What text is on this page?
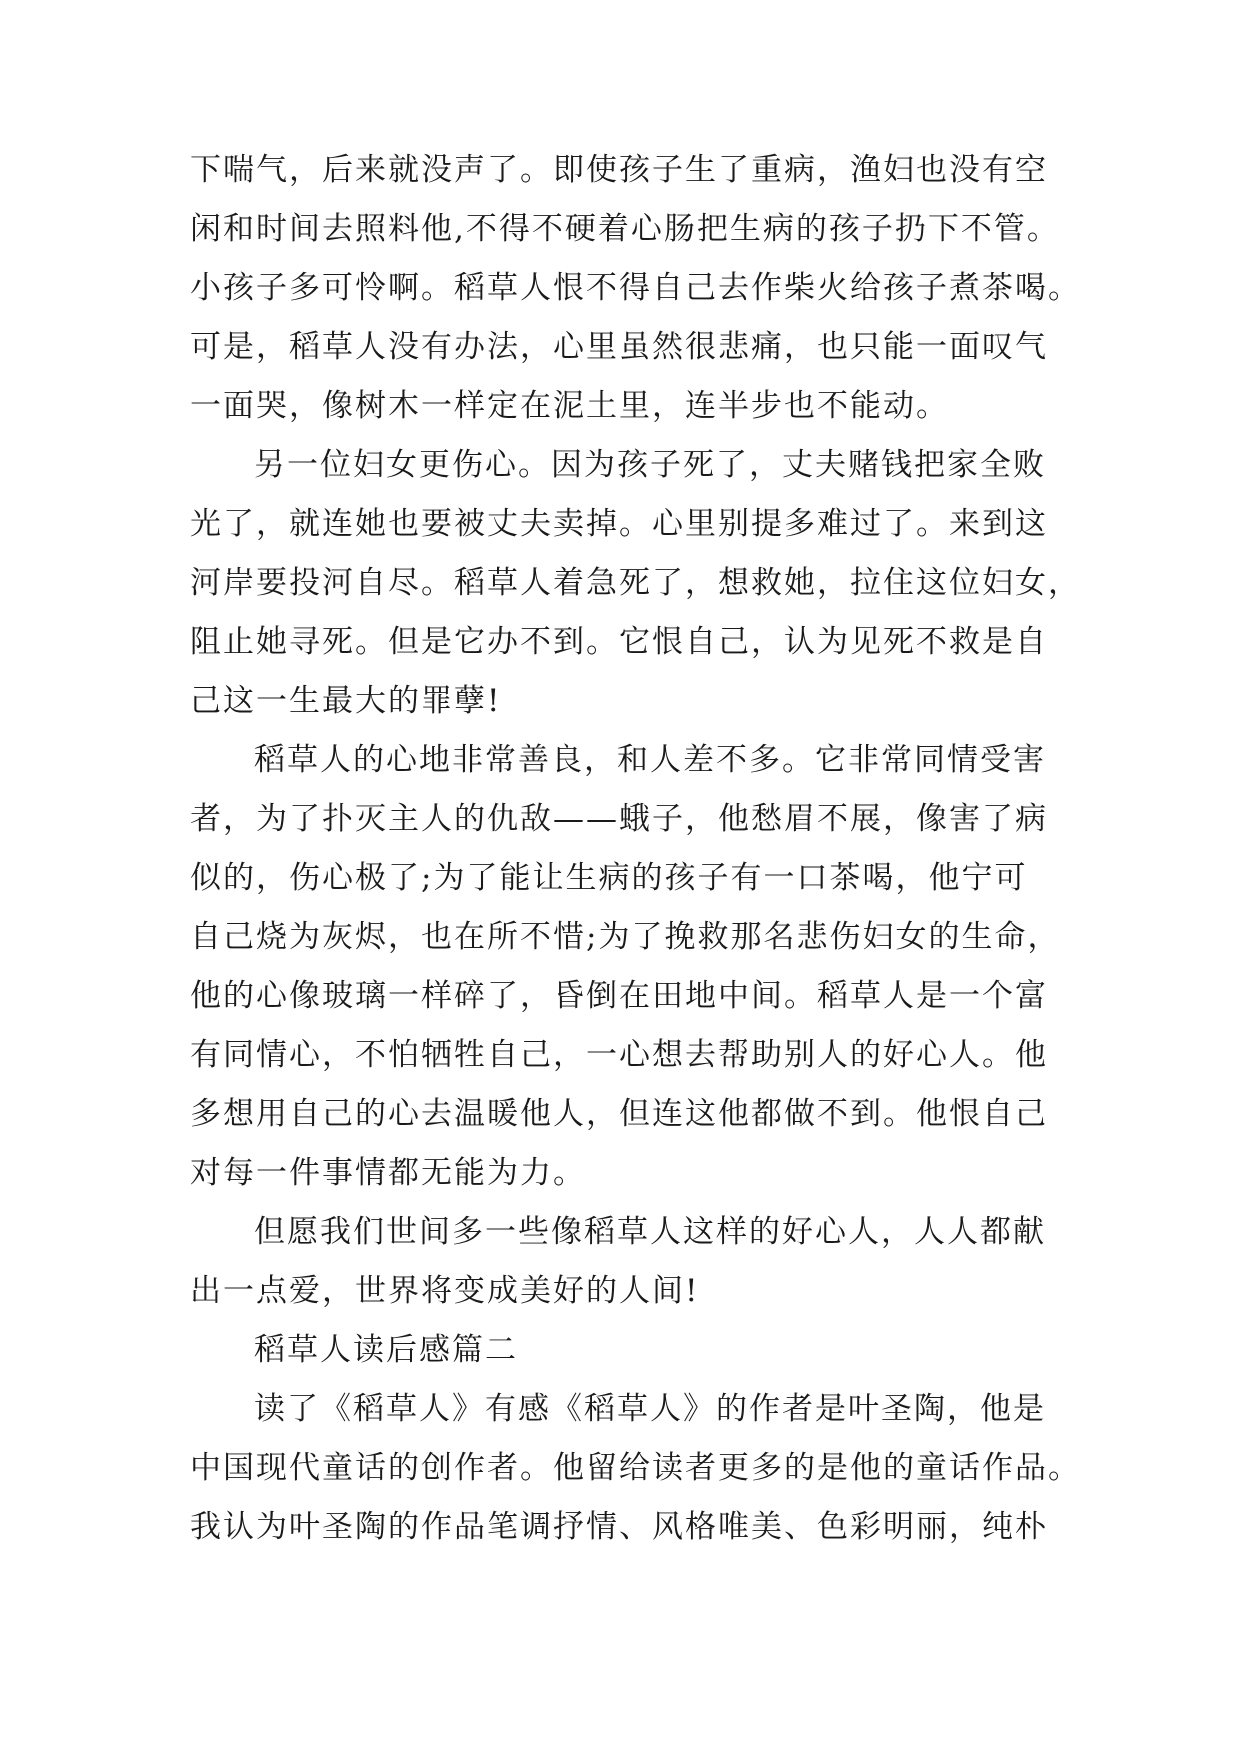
下喘气，后来就没声了。即使孩子生了重病，渔妇也没有空
闲和时间去照料他,不得不硬着心肠把生病的孩子扔下不管。
小孩子多可怜啊。稻草人恨不得自己去作柴火给孩子煮茶喝。
可是，稻草人没有办法，心里虽然很悲痛，也只能一面叹气
一面哭，像树木一样定在泥土里，连半步也不能动。
另一位妇女更伤心。因为孩子死了，丈夫赌钱把家全败
光了，就连她也要被丈夫卖掉。心里别提多难过了。来到这
河岸要投河自尽。稻草人着急死了，想救她，拉住这位妇女，
阻止她寻死。但是它办不到。它恨自己，认为见死不救是自
己这一生最大的罪孽!
稻草人的心地非常善良，和人差不多。它非常同情受害
者，为了扑灭主人的仇敌——蛾子，他愁眉不展，像害了病
似的，伤心极了;为了能让生病的孩子有一口茶喝，他宁可
自己烧为灰烬，也在所不惜;为了挽救那名悲伤妇女的生命，
他的心像玻璃一样碎了，昏倒在田地中间。稻草人是一个富
有同情心，不怕牺牲自己，一心想去帮助别人的好心人。他
多想用自己的心去温暖他人，但连这他都做不到。他恨自己
对每一件事情都无能为力。
但愿我们世间多一些像稻草人这样的好心人，人人都献
出一点爱，世界将变成美好的人间!
稻草人读后感篇二
读了《稻草人》有感《稻草人》的作者是叶圣陶，他是
中国现代童话的创作者。他留给读者更多的是他的童话作品。
我认为叶圣陶的作品笔调抒情、风格唯美、色彩明丽，纯朴
